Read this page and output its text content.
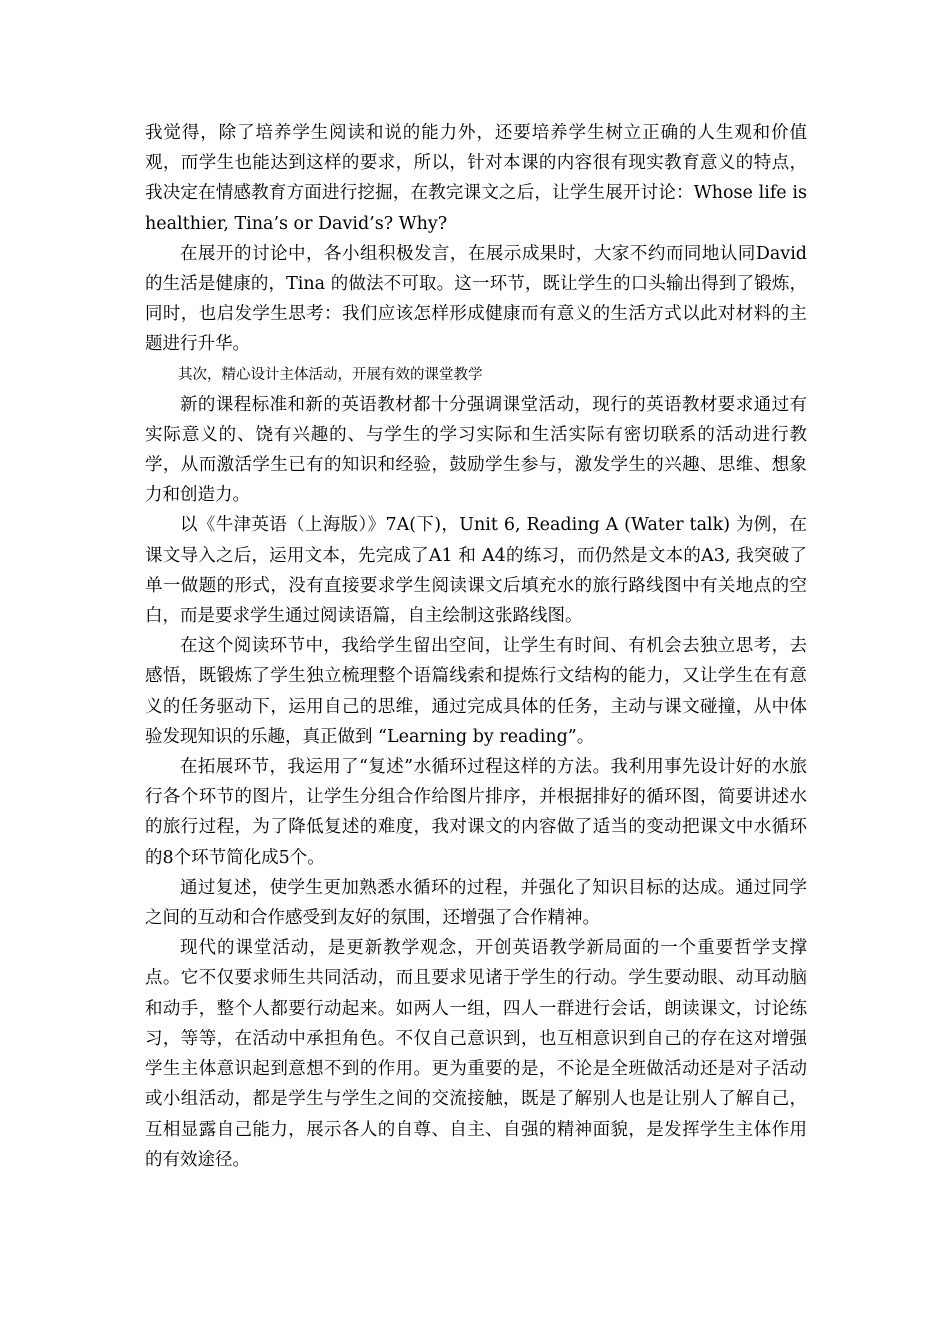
我觉得，除了培养学生阅读和说的能力外，还要培养学生树立正确的人生观和价值观，而学生也能达到这样的要求，所以，针对本课的内容很有现实教育意义的特点，我决定在情感教育方面进行挖掘，在教完课文之后，让学生展开讨论：Whose life is healthier, Tina’s or David’s? Why?

在展开的讨论中，各小组积极发言，在展示成果时，大家不约而同地认同David 的生活是健康的，Tina 的做法不可取。这一环节，既让学生的口头输出得到了锻炼，同时，也启发学生思考：我们应该怎样形成健康而有意义的生活方式以此对材料的主题进行升华。

其次，精心设计主体活动，开展有效的课堂教学

新的课程标准和新的英语教材都十分强调课堂活动，现行的英语教材要求通过有实际意义的、饶有兴趣的、与学生的学习实际和生活实际有密切联系的活动进行教学，从而激活学生已有的知识和经验，鼓励学生参与，激发学生的兴趣、思维、想象力和创造力。

以《牛津英语（上海版）》7A(下)，Unit 6, Reading A (Water talk) 为例，在课文导入之后，运用文本，先完成了A1 和 A4的练习，而仍然是文本的A3, 我突破了单一做题的形式，没有直接要求学生阅读课文后填充水的旅行路线图中有关地点的空白，而是要求学生通过阅读语篇，自主绘制这张路线图。

在这个阅读环节中，我给学生留出空间，让学生有时间、有机会去独立思考，去感悟，既锻炼了学生独立梳理整个语篇线索和提炼行文结构的能力，又让学生在有意义的任务驱动下，运用自己的思维，通过完成具体的任务，主动与课文碰撞，从中体验发现知识的乐趣，真正做到 “Learning by reading”。

在拓展环节，我运用了“复述”水循环过程这样的方法。我利用事先设计好的水旅行各个环节的图片，让学生分组合作给图片排序，并根据排好的循环图，简要讲述水的旅行过程，为了降低复述的难度，我对课文的内容做了适当的变动把课文中水循环的8个环节简化成5个。

通过复述，使学生更加熟悉水循环的过程，并强化了知识目标的达成。通过同学之间的互动和合作感受到友好的氛围，还增强了合作精神。

现代的课堂活动，是更新教学观念，开创英语教学新局面的一个重要哲学支撑点。它不仅要求师生共同活动，而且要求见诸于学生的行动。学生要动眼、动耳动脑和动手，整个人都要行动起来。如两人一组，四人一群进行会话，朗读课文，讨论练习，等等，在活动中承担角色。不仅自己意识到，也互相意识到自己的存在这对增强学生主体意识起到意想不到的作用。更为重要的是，不论是全班做活动还是对子活动或小组活动，都是学生与学生之间的交流接触，既是了解别人也是让别人了解自己，互相显露自己能力，展示各人的自尊、自主、自强的精神面貌，是发挥学生主体作用的有效途径。
